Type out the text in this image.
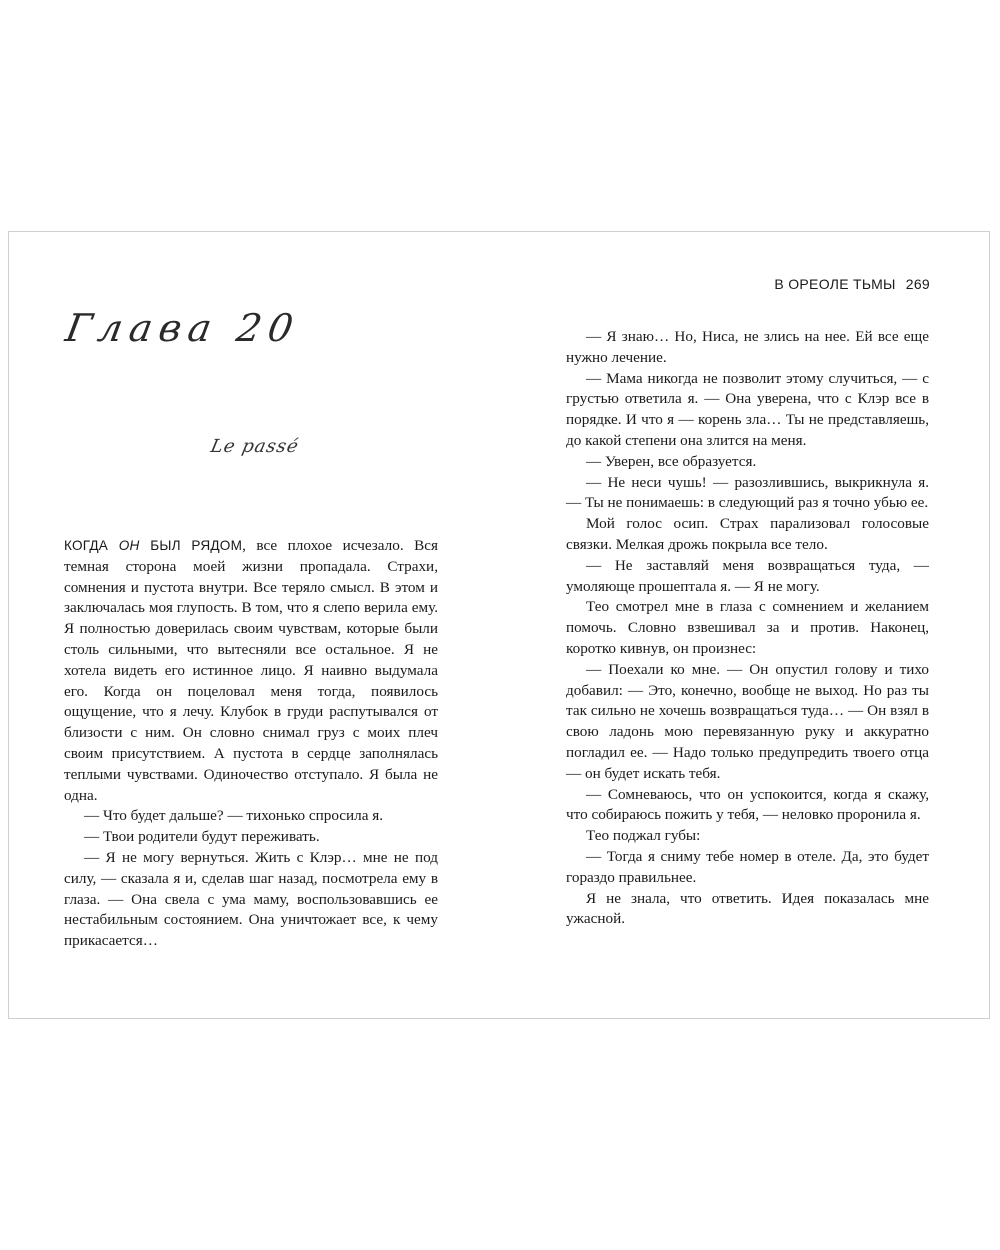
В ОРЕОЛЕ ТЬМЫ 269
Глава 20
Le passé

КОГДА ОН БЫЛ РЯДОМ, все плохое исчезало. Вся темная сторона моей жизни пропадала. Страхи, сомнения и пустота внутри. Все теряло смысл. В этом и заключалась моя глупость. В том, что я слепо верила ему. Я полностью доверилась своим чувствам, которые были столь сильными, что вытесняли все остальное. Я не хотела видеть его истинное лицо. Я наивно выдумала его. Когда он поцеловал меня тогда, появилось ощущение, что я лечу. Клубок в груди распутывался от близости с ним. Он словно снимал груз с моих плеч своим присутствием. А пустота в сердце заполнялась теплыми чувствами. Одиночество отступало. Я была не одна.

— Что будет дальше? — тихонько спросила я.

— Твои родители будут переживать.

— Я не могу вернуться. Жить с Клэр… мне не под силу, — сказала я и, сделав шаг назад, посмотрела ему в глаза. — Она свела с ума маму, воспользовавшись ее нестабильным состоянием. Она уничтожает все, к чему прикасается…

— Я знаю… Но, Ниса, не злись на нее. Ей все еще нужно лечение.

— Мама никогда не позволит этому случиться, — с грустью ответила я. — Она уверена, что с Клэр все в порядке. И что я — корень зла… Ты не представляешь, до какой степени она злится на меня.

— Уверен, все образуется.

— Не неси чушь! — разозлившись, выкрикнула я. — Ты не понимаешь: в следующий раз я точно убью ее.

Мой голос осип. Страх парализовал голосовые связки. Мелкая дрожь покрыла все тело.

— Не заставляй меня возвращаться туда, — умоляюще прошептала я. — Я не могу.

Тео смотрел мне в глаза с сомнением и желанием помочь. Словно взвешивал за и против. Наконец, коротко кивнув, он произнес:

— Поехали ко мне. — Он опустил голову и тихо добавил: — Это, конечно, вообще не выход. Но раз ты так сильно не хочешь возвращаться туда… — Он взял в свою ладонь мою перевязанную руку и аккуратно погладил ее. — Надо только предупредить твоего отца — он будет искать тебя.

— Сомневаюсь, что он успокоится, когда я скажу, что собираюсь пожить у тебя, — неловко проронила я.

Тео поджал губы:

— Тогда я сниму тебе номер в отеле. Да, это будет гораздо правильнее.

Я не знала, что ответить. Идея показалась мне ужасной.
